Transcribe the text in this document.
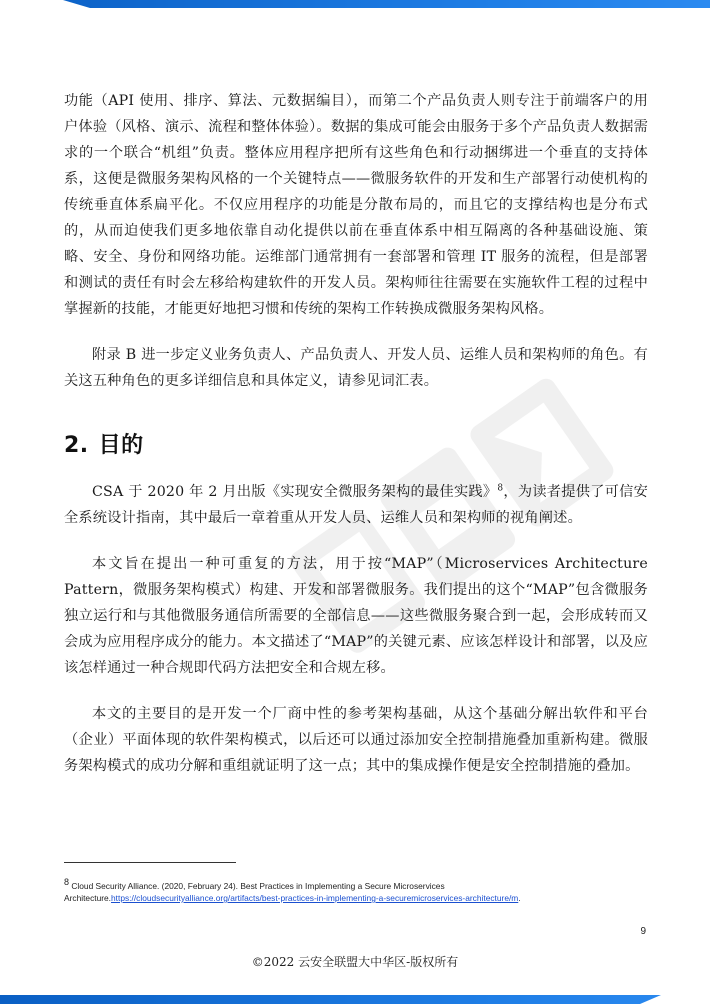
功能（API 使用、排序、算法、元数据编目），而第二个产品负责人则专注于前端客户的用户体验（风格、演示、流程和整体体验）。数据的集成可能会由服务于多个产品负责人数据需求的一个联合“机组”负责。整体应用程序把所有这些角色和行动捆绑进一个垂直的支持体系，这便是微服务架构风格的一个关键特点——微服务软件的开发和生产部署行动使机构的传统垂直体系扁平化。不仅应用程序的功能是分散布局的，而且它的支撑结构也是分布式的，从而迫使我们更多地依靠自动化提供以前在垂直体系中相互隔离的各种基础设施、策略、安全、身份和网络功能。运维部门通常拥有一套部署和管理 IT 服务的流程，但是部署和测试的责任有时会左移给构建软件的开发人员。架构师往往需要在实施软件工程的过程中掌握新的技能，才能更好地把习惯和传统的架构工作转换成微服务架构风格。

附录 B 进一步定义业务负责人、产品负责人、开发人员、运维人员和架构师的角色。有关这五种角色的更多详细信息和具体定义，请参见词汇表。

2. 目的

CSA 于 2020 年 2 月出版《实现安全微服务架构的最佳实践》$^8$，为读者提供了可信安全系统设计指南，其中最后一章着重从开发人员、运维人员和架构师的视角阐述。

本文旨在提出一种可重复的方法，用于按“MAP”（Microservices Architecture Pattern，微服务架构模式）构建、开发和部署微服务。我们提出的这个“MAP”包含微服务独立运行和与其他微服务通信所需要的全部信息——这些微服务聚合到一起，会形成转而又会成为应用程序成分的能力。本文描述了“MAP”的关键元素、应该怎样设计和部署，以及应该怎样通过一种合规即代码方法把安全和合规左移。

本文的主要目的是开发一个厂商中性的参考架构基础，从这个基础分解出软件和平台（企业）平面体现的软件架构模式，以后还可以通过添加安全控制措施叠加重新构建。微服务架构模式的成功分解和重组就证明了这一点；其中的集成操作便是安全控制措施的叠加。

$^8$ Cloud Security Alliance. (2020, February 24). Best Practices in Implementing a Secure Microservices Architecture.https://cloudsecurityalliance.org/artifacts/best-practices-in-implementing-a-securemicroservices-architecture/m.
9
©2022 云安全联盟大中华区-版权所有
